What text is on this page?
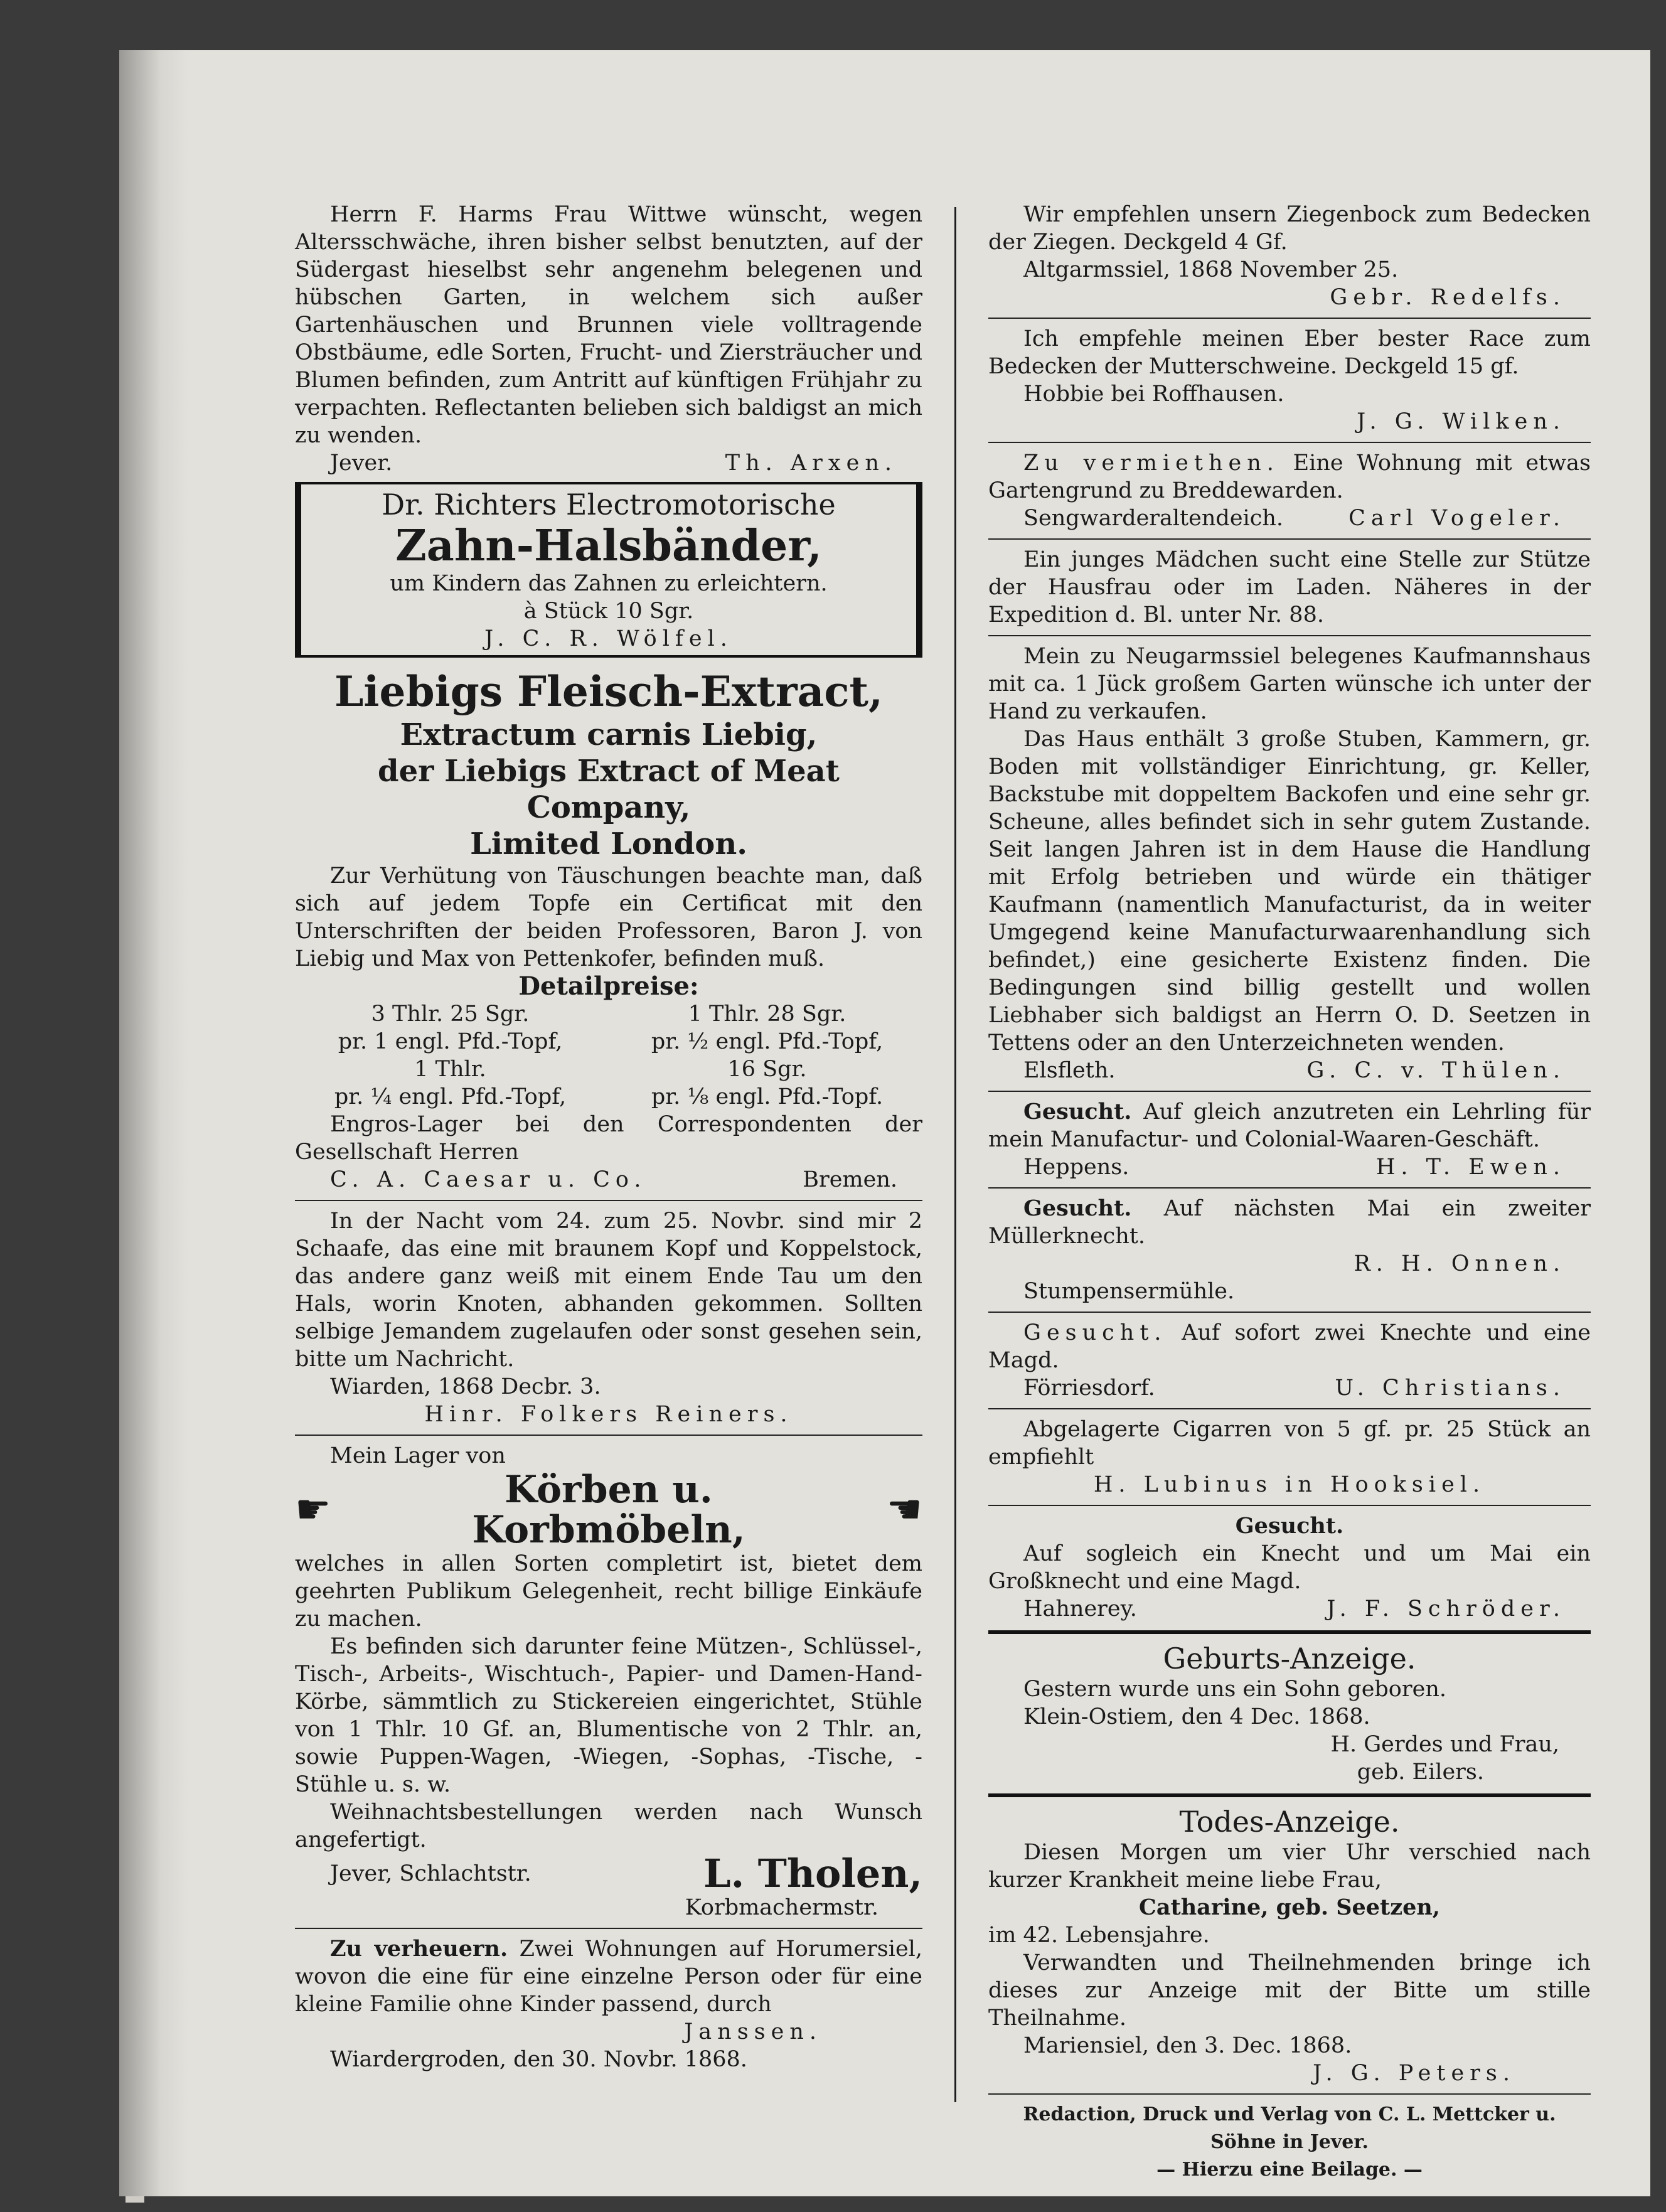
Herrn F. Harms Frau Wittwe wünscht, wegen Altersschwäche, ihren bisher selbst benutzten, auf der Südergast hieselbst sehr angenehm belegenen und hübschen Garten, in welchem sich außer Gartenhäuschen und Brunnen viele volltragende Obstbäume, edle Sorten, Frucht- und Ziersträucher und Blumen befinden, zum Antritt auf künftigen Frühjahr zu verpachten. Reflectanten belieben sich baldigst an mich zu wenden.

Jever.	Th. Arxen.
Dr. Richters Electromotorische
Zahn-Halsbänder,
um Kindern das Zahnen zu erleichtern.
à Stück 10 Sgr.
J. C. R. Wölfel.
Liebigs Fleisch-Extract,
Extractum carnis Liebig,
der Liebigs Extract of Meat Company,
Limited London.

Zur Verhütung von Täuschungen beachte man, daß sich auf jedem Topfe ein Certificat mit den Unterschriften der beiden Professoren, Baron J. von Liebig und Max von Pettenkofer, befinden muß.

Detailpreise:
3 Thlr. 25 Sgr.	1 Thlr. 28 Sgr.
pr. 1 engl. Pfd.-Topf,	pr. ½ engl. Pfd.-Topf,
1 Thlr.	16 Sgr.
pr. ¼ engl. Pfd.-Topf,	pr. ⅛ engl. Pfd.-Topf.

Engros-Lager bei den Correspondenten der Gesellschaft Herren

C. A. Caesar u. Co.	Bremen.

In der Nacht vom 24. zum 25. Novbr. sind mir 2 Schaafe, das eine mit braunem Kopf und Koppelstock, das andere ganz weiß mit einem Ende Tau um den Hals, worin Knoten, abhanden gekommen. Sollten selbige Jemandem zugelaufen oder sonst gesehen sein, bitte um Nachricht.

Wiarden, 1868 Decbr. 3.

Hinr. Folkers Reiners.

Mein Lager von

☛	Körben u.
Korbmöbeln,	☚

welches in allen Sorten completirt ist, bietet dem geehrten Publikum Gelegenheit, recht billige Einkäufe zu machen.

Es befinden sich darunter feine Mützen-, Schlüssel-, Tisch-, Arbeits-, Wischtuch-, Papier- und Damen-Hand-Körbe, sämmtlich zu Stickereien eingerichtet, Stühle von 1 Thlr. 10 Gf. an, Blumentische von 2 Thlr. an, sowie Puppen-Wagen, -Wiegen, -Sophas, -Tische, -Stühle u. s. w.

Weihnachtsbestellungen werden nach Wunsch angefertigt.

Jever, Schlachtstr.	L. Tholen,
Korbmachermstr.

Zu verheuern. Zwei Wohnungen auf Horumersiel, wovon die eine für eine einzelne Person oder für eine kleine Familie ohne Kinder passend, durch

Janssen.

Wiardergroden, den 30. Novbr. 1868.

Wir empfehlen unsern Ziegenbock zum Bedecken der Ziegen. Deckgeld 4 Gf.

Altgarmssiel, 1868 November 25.

Gebr. Redelfs.

Ich empfehle meinen Eber bester Race zum Bedecken der Mutterschweine. Deckgeld 15 gf.

Hobbie bei Roffhausen.

J. G. Wilken.

Zu vermiethen. Eine Wohnung mit etwas Gartengrund zu Breddewarden.

Sengwarderaltendeich.	Carl Vogeler.

Ein junges Mädchen sucht eine Stelle zur Stütze der Hausfrau oder im Laden. Näheres in der Expedition d. Bl. unter Nr. 88.

Mein zu Neugarmssiel belegenes Kaufmannshaus mit ca. 1 Jück großem Garten wünsche ich unter der Hand zu verkaufen.

Das Haus enthält 3 große Stuben, Kammern, gr. Boden mit vollständiger Einrichtung, gr. Keller, Backstube mit doppeltem Backofen und eine sehr gr. Scheune, alles befindet sich in sehr gutem Zustande. Seit langen Jahren ist in dem Hause die Handlung mit Erfolg betrieben und würde ein thätiger Kaufmann (namentlich Manufacturist, da in weiter Umgegend keine Manufacturwaarenhandlung sich befindet,) eine gesicherte Existenz finden. Die Bedingungen sind billig gestellt und wollen Liebhaber sich baldigst an Herrn O. D. Seetzen in Tettens oder an den Unterzeichneten wenden.

Elsfleth.	G. C. v. Thülen.

Gesucht. Auf gleich anzutreten ein Lehrling für mein Manufactur- und Colonial-Waaren-Geschäft.

Heppens.	H. T. Ewen.

Gesucht. Auf nächsten Mai ein zweiter Müllerknecht.

R. H. Onnen.

Stumpensermühle.

Gesucht. Auf sofort zwei Knechte und eine Magd.

Förriesdorf.	U. Christians.

Abgelagerte Cigarren von 5 gf. pr. 25 Stück an empfiehlt

H. Lubinus in Hooksiel.
Gesucht.

Auf sogleich ein Knecht und um Mai ein Großknecht und eine Magd.

Hahnerey.	J. F. Schröder.
Geburts-Anzeige.

Gestern wurde uns ein Sohn geboren.

Klein-Ostiem, den 4 Dec. 1868.

H. Gerdes und Frau,
geb. Eilers.
Todes-Anzeige.

Diesen Morgen um vier Uhr verschied nach kurzer Krankheit meine liebe Frau,

Catharine, geb. Seetzen,

im 42. Lebensjahre.

Verwandten und Theilnehmenden bringe ich dieses zur Anzeige mit der Bitte um stille Theilnahme.

Mariensiel, den 3. Dec. 1868.

J. G. Peters.
Redaction, Druck und Verlag von C. L. Mettcker u. Söhne in Jever.
— Hierzu eine Beilage. —
